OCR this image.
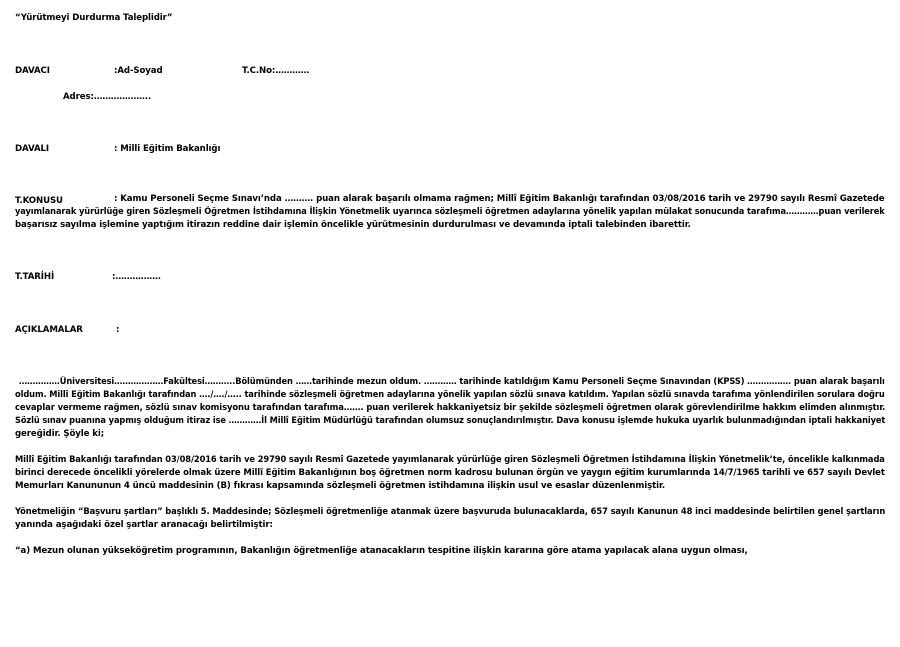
“Yürütmeyi Durdurma Taleplidir”
DAVACI	:Ad-Soyad	T.C.No:…………
Adres:………………..
DAVALI	: Milli Eğitim Bakanlığı
T.KONUSU	: Kamu Personeli Seçme Sınavı’nda ………. puan alarak başarılı olmama rağmen; Millî Eğitim Bakanlığı tarafından 03/08/2016 tarih ve 29790 sayılı Resmî Gazetede
yayımlanarak yürürlüğe giren Sözleşmeli Öğretmen İstihdamına İlişkin Yönetmelik uyarınca sözleşmeli öğretmen adaylarına yönelik yapılan mülakat sonucunda tarafıma…………puan verilerek
başarısız sayılma işlemine yaptığım itirazın reddine dair işlemin öncelikle yürütmesinin durdurulması ve devamında iptali talebinden ibarettir.
T.TARİHİ	:…………….
AÇIKLAMALAR	:
……………Üniversitesi………………Fakültesi………..Bölümünden ……tarihinde mezun oldum. ………… tarihinde katıldığım Kamu Personeli Seçme Sınavından (KPSS) ……………. puan alarak başarılı
oldum. Millî Eğitim Bakanlığı tarafından …./…./….. tarihinde sözleşmeli öğretmen adaylarına yönelik yapılan sözlü sınava katıldım. Yapılan sözlü sınavda tarafıma yönlendirilen sorulara doğru
cevaplar vermeme rağmen, sözlü sınav komisyonu tarafından tarafıma……. puan verilerek hakkaniyetsiz bir şekilde sözleşmeli öğretmen olarak görevlendirilme hakkım elimden alınmıştır.
Sözlü sınav puanına yapmış olduğum itiraz ise …………İl Millî Eğitim Müdürlüğü tarafından olumsuz sonuçlandırılmıştır. Dava konusu işlemde hukuka uyarlık bulunmadığından iptali hakkaniyet
gereğidir. Şöyle ki;
Millî Eğitim Bakanlığı tarafından 03/08/2016 tarih ve 29790 sayılı Resmî Gazetede yayımlanarak yürürlüğe giren Sözleşmeli Öğretmen İstihdamına İlişkin Yönetmelik’te, öncelikle kalkınmada
birinci derecede öncelikli yörelerde olmak üzere Millî Eğitim Bakanlığının boş öğretmen norm kadrosu bulunan örgün ve yaygın eğitim kurumlarında 14/7/1965 tarihli ve 657 sayılı Devlet
Memurları Kanununun 4 üncü maddesinin (B) fıkrası kapsamında sözleşmeli öğretmen istihdamına ilişkin usul ve esaslar düzenlenmiştir.
Yönetmeliğin “Başvuru şartları” başlıklı 5. Maddesinde; Sözleşmeli öğretmenliğe atanmak üzere başvuruda bulunacaklarda, 657 sayılı Kanunun 48 inci maddesinde belirtilen genel şartların
yanında aşağıdaki özel şartlar aranacağı belirtilmiştir:
“a) Mezun olunan yükseköğretim programının, Bakanlığın öğretmenliğe atanacakların tespitine ilişkin kararına göre atama yapılacak alana uygun olması,
